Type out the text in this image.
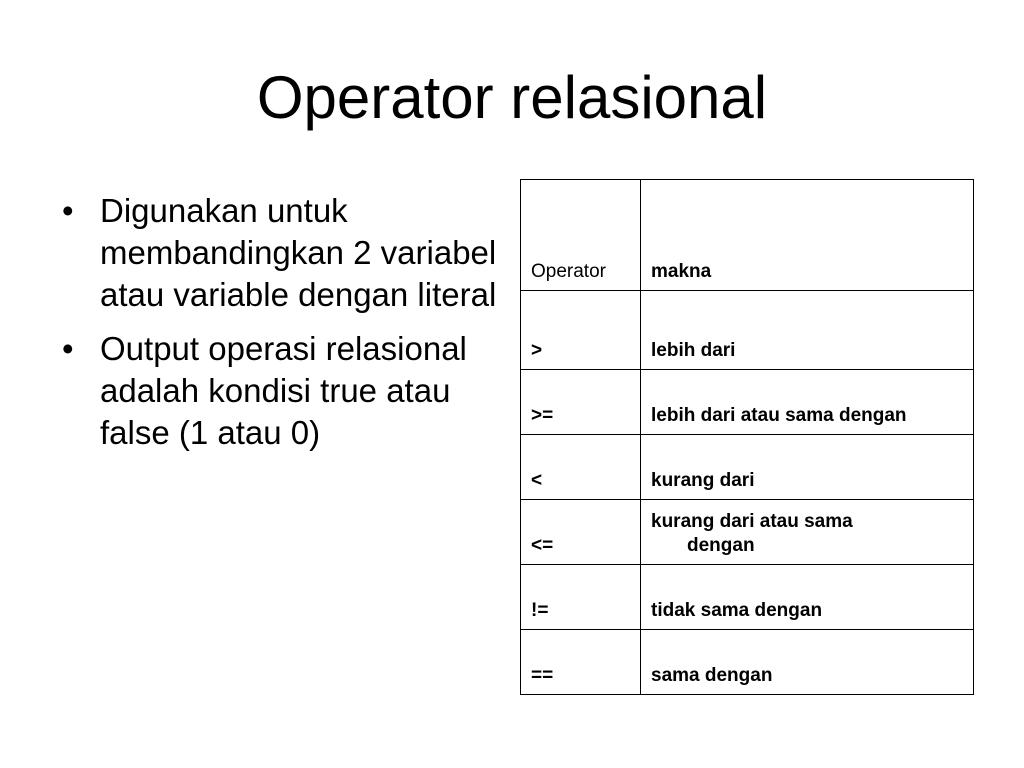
Operator relasional
• Digunakan untuk membandingkan 2 variabel atau variable dengan literal
• Output operasi relasional adalah kondisi true atau false (1 atau 0)
Operator	makna
>	lebih dari
>=	lebih dari atau sama dengan
<	kurang dari
<=	kurang dari atau sama
dengan

!=	tidak sama dengan
==	sama dengan
